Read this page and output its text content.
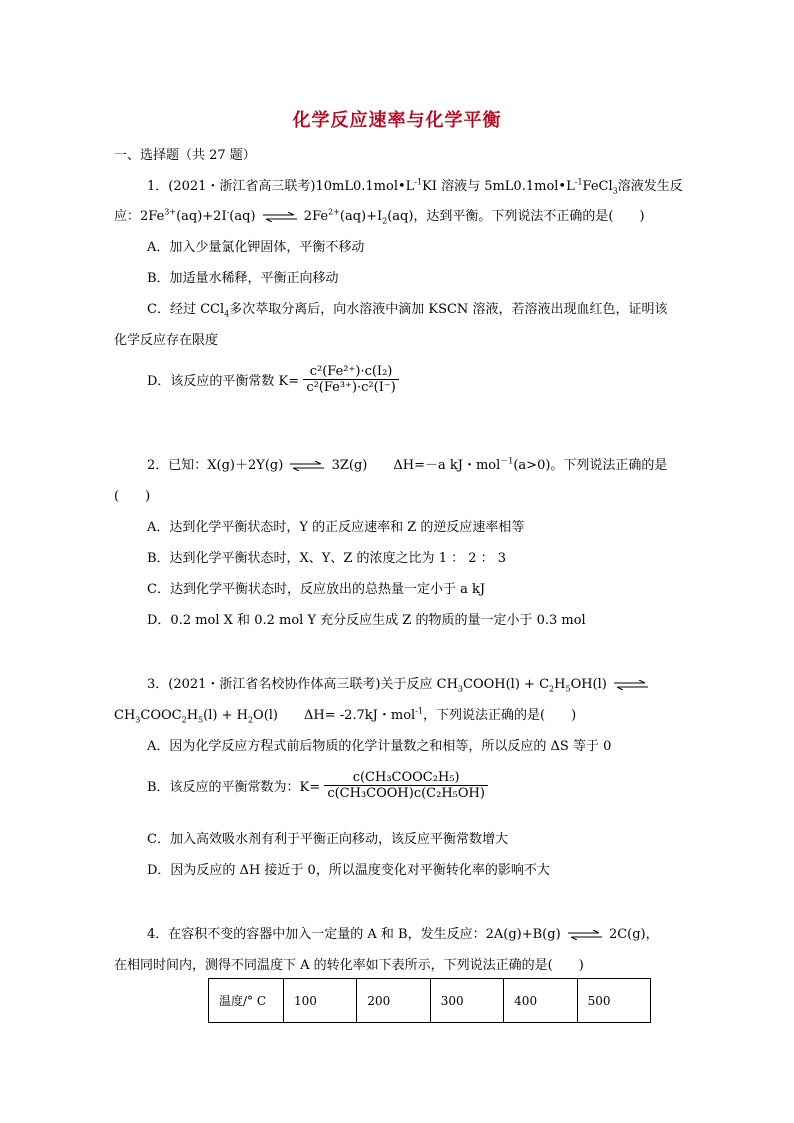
化学反应速率与化学平衡
一、选择题（共 27 题）
1．(2021・浙江省高三联考)$10mL0.1mol•L^{-1}KI$ 溶液与 $5mL0.1mol•L^{-1}FeCl_3$溶液发生反
应：$2Fe^{3+}(aq)+2I^-(aq)$ ⇌ $2Fe^{2+}(aq)+I_2(aq)$，达到平衡。下列说法不正确的是(　　)
A．加入少量氯化钾固体，平衡不移动
B．加适量水稀释，平衡正向移动
C．经过 CCl$_4$多次萃取分离后，向水溶液中滴加 KSCN 溶液，若溶液出现血红色，证明该
化学反应存在限度
D．该反应的平衡常数 $K= \frac{\text{c²(Fe²⁺)·c(I₂)}}{\text{c²(Fe³⁺)·c²(I⁻)}}$
2．已知：X(g)＋2Y(g) ⇌ 3Z(g)　　ΔH=－a kJ・mol$^{-1}$(a>0)。下列说法正确的是
(　　)
A．达到化学平衡状态时，Y 的正反应速率和 Z 的逆反应速率相等
B．达到化学平衡状态时，X、Y、Z 的浓度之比为 1 ： 2 ： 3
C．达到化学平衡状态时，反应放出的总热量一定小于 a kJ
D．0.2 mol X 和 0.2 mol Y 充分反应生成 Z 的物质的量一定小于 0.3 mol
3．(2021・浙江省名校协作体高三联考)关于反应 $CH_3COOH(l) + C_2H_5OH(l)$ ⇌
$CH_3COOC_2H_5(l) + H_2O(l)$　　ΔH= -2.7kJ・mol$^{-1}$，下列说法正确的是(　　)
A．因为化学反应方程式前后物质的化学计量数之和相等，所以反应的 ΔS 等于 0
B．该反应的平衡常数为：$K= \frac{\text{c(CH₃COOC₂H₅)}}{\text{c(CH₃COOH)c(C₂H₅OH)}}$
C．加入高效吸水剂有利于平衡正向移动，该反应平衡常数增大
D．因为反应的 ΔH 接近于 0，所以温度变化对平衡转化率的影响不大
4．在容积不变的容器中加入一定量的 A 和 B，发生反应：2A(g)+B(g) ⇌ 2C(g)，
在相同时间内，测得不同温度下 A 的转化率如下表所示，下列说法正确的是(　　)
温度/° C	100	200	300	400	500
